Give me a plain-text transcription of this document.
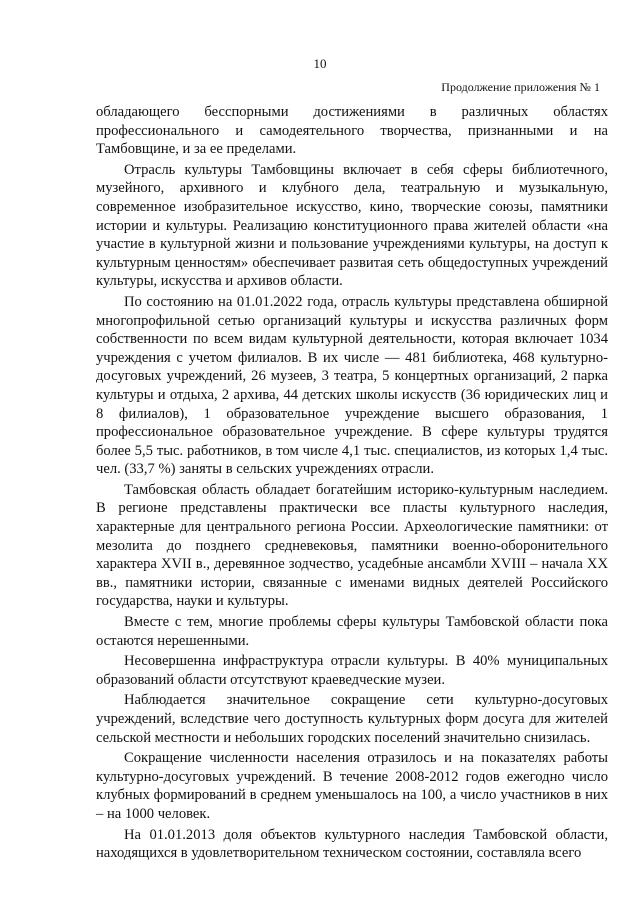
10
Продолжение приложения № 1

обладающего бесспорными достижениями в различных областях профессионального и самодеятельного творчества, признанными и на Тамбовщине, и за ее пределами.

Отрасль культуры Тамбовщины включает в себя сферы библиотечного, музейного, архивного и клубного дела, театральную и музыкальную, современное изобразительное искусство, кино, творческие союзы, памятники истории и культуры. Реализацию конституционного права жителей области «на участие в культурной жизни и пользование учреждениями культуры, на доступ к культурным ценностям» обеспечивает развитая сеть общедоступных учреждений культуры, искусства и архивов области.

По состоянию на 01.01.2022 года, отрасль культуры представлена обширной многопрофильной сетью организаций культуры и искусства различных форм собственности по всем видам культурной деятельности, которая включает 1034 учреждения с учетом филиалов. В их числе — 481 библиотека, 468 культурно-досуговых учреждений, 26 музеев, 3 театра, 5 концертных организаций, 2 парка культуры и отдыха, 2 архива, 44 детских школы искусств (36 юридических лиц и 8 филиалов), 1 образовательное учреждение высшего образования, 1 профессиональное образовательное учреждение. В сфере культуры трудятся более 5,5 тыс. работников, в том числе 4,1 тыс. специалистов, из которых 1,4 тыс. чел. (33,7 %) заняты в сельских учреждениях отрасли.

Тамбовская область обладает богатейшим историко-культурным наследием. В регионе представлены практически все пласты культурного наследия, характерные для центрального региона России. Археологические памятники: от мезолита до позднего средневековья, памятники военно-оборонительного характера XVII в., деревянное зодчество, усадебные ансамбли XVIII – начала XX вв., памятники истории, связанные с именами видных деятелей Российского государства, науки и культуры.

Вместе с тем, многие проблемы сферы культуры Тамбовской области пока остаются нерешенными.

Несовершенна инфраструктура отрасли культуры. В 40% муниципальных образований области отсутствуют краеведческие музеи.

Наблюдается значительное сокращение сети культурно-досуговых учреждений, вследствие чего доступность культурных форм досуга для жителей сельской местности и небольших городских поселений значительно снизилась.

Сокращение численности населения отразилось и на показателях работы культурно-досуговых учреждений. В течение 2008-2012 годов ежегодно число клубных формирований в среднем уменьшалось на 100, а число участников в них – на 1000 человек.

На 01.01.2013 доля объектов культурного наследия Тамбовской области, находящихся в удовлетворительном техническом состоянии, составляла всего
